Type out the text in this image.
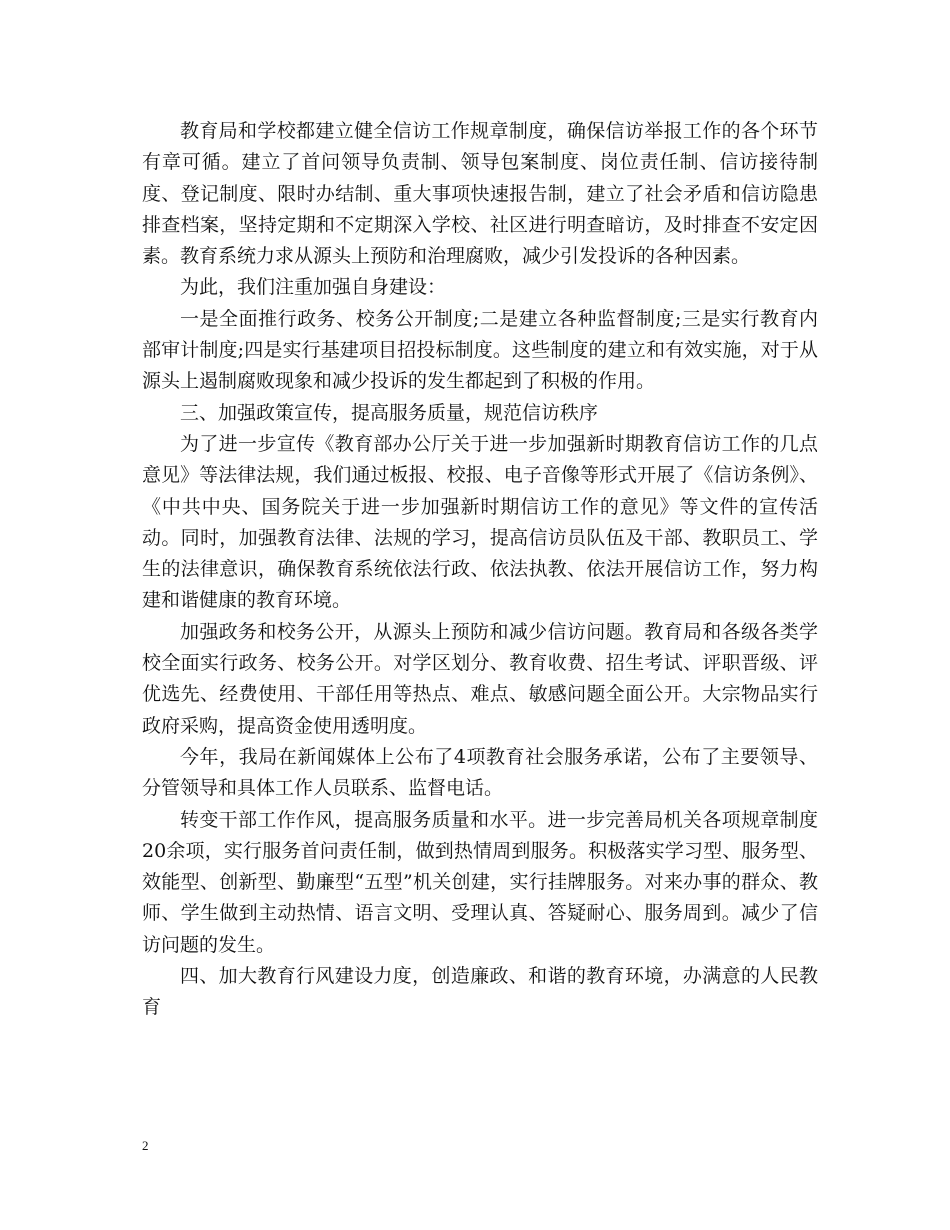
教育局和学校都建立健全信访工作规章制度，确保信访举报工作的各个环节有章可循。建立了首问领导负责制、领导包案制度、岗位责任制、信访接待制度、登记制度、限时办结制、重大事项快速报告制，建立了社会矛盾和信访隐患排查档案，坚持定期和不定期深入学校、社区进行明查暗访，及时排查不安定因素。教育系统力求从源头上预防和治理腐败，减少引发投诉的各种因素。

为此，我们注重加强自身建设：

一是全面推行政务、校务公开制度;二是建立各种监督制度;三是实行教育内部审计制度;四是实行基建项目招投标制度。这些制度的建立和有效实施，对于从源头上遏制腐败现象和减少投诉的发生都起到了积极的作用。

三、加强政策宣传，提高服务质量，规范信访秩序

为了进一步宣传《教育部办公厅关于进一步加强新时期教育信访工作的几点意见》等法律法规，我们通过板报、校报、电子音像等形式开展了《信访条例》、《中共中央、国务院关于进一步加强新时期信访工作的意见》等文件的宣传活动。同时，加强教育法律、法规的学习，提高信访员队伍及干部、教职员工、学生的法律意识，确保教育系统依法行政、依法执教、依法开展信访工作，努力构建和谐健康的教育环境。

加强政务和校务公开，从源头上预防和减少信访问题。教育局和各级各类学校全面实行政务、校务公开。对学区划分、教育收费、招生考试、评职晋级、评优选先、经费使用、干部任用等热点、难点、敏感问题全面公开。大宗物品实行政府采购，提高资金使用透明度。

今年，我局在新闻媒体上公布了4项教育社会服务承诺，公布了主要领导、分管领导和具体工作人员联系、监督电话。

转变干部工作作风，提高服务质量和水平。进一步完善局机关各项规章制度20余项，实行服务首问责任制，做到热情周到服务。积极落实学习型、服务型、效能型、创新型、勤廉型“五型”机关创建，实行挂牌服务。对来办事的群众、教师、学生做到主动热情、语言文明、受理认真、答疑耐心、服务周到。减少了信访问题的发生。

四、加大教育行风建设力度，创造廉政、和谐的教育环境，办满意的人民教育

2
